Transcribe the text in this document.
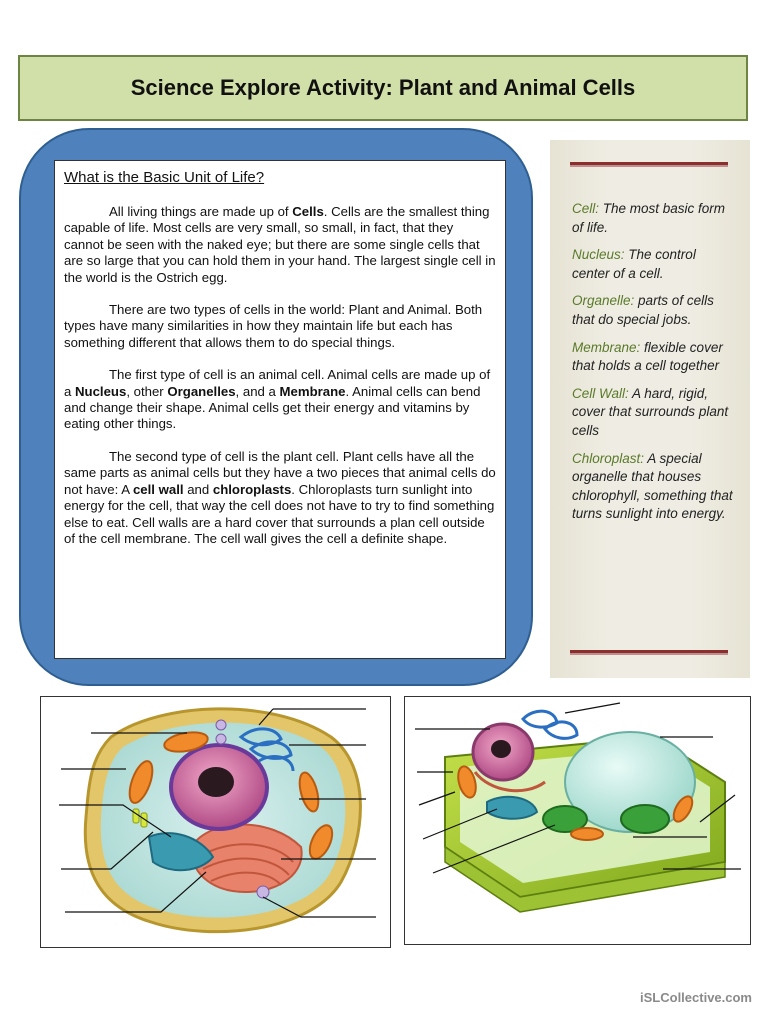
Science Explore Activity: Plant and Animal Cells
What is the Basic Unit of Life?

All living things are made up of Cells. Cells are the smallest thing capable of life. Most cells are very small, so small, in fact, that they cannot be seen with the naked eye; but there are some single cells that are so large that you can hold them in your hand. The largest single cell in the world is the Ostrich egg.

There are two types of cells in the world: Plant and Animal. Both types have many similarities in how they maintain life but each has something different that allows them to do special things.

The first type of cell is an animal cell. Animal cells are made up of a Nucleus, other Organelles, and a Membrane. Animal cells can bend and change their shape. Animal cells get their energy and vitamins by eating other things.

The second type of cell is the plant cell. Plant cells have all the same parts as animal cells but they have a two pieces that animal cells do not have: A cell wall and chloroplasts. Chloroplasts turn sunlight into energy for the cell, that way the cell does not have to try to find something else to eat. Cell walls are a hard cover that surrounds a plan cell outside of the cell membrane. The cell wall gives the cell a definite shape.

Cell: The most basic form of life.
Nucleus: The control center of a cell.
Organelle: parts of cells that do special jobs.
Membrane: flexible cover that holds a cell together
Cell Wall: A hard, rigid, cover that surrounds plant cells
Chloroplast: A special organelle that houses chlorophyll, something that turns sunlight into energy.
iSLCollective.com
